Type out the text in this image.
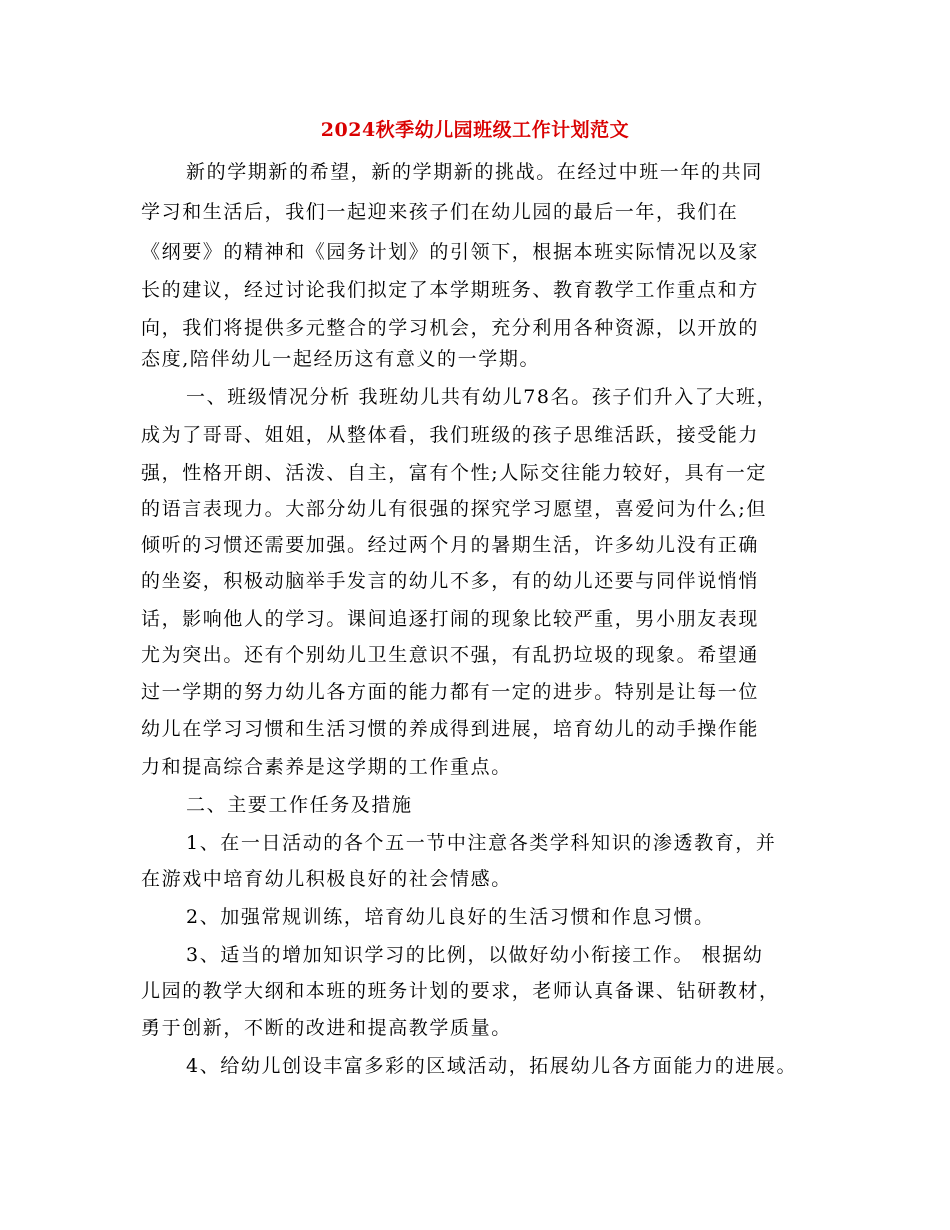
2024秋季幼儿园班级工作计划范文
新的学期新的希望，新的学期新的挑战。在经过中班一年的共同
学习和生活后，我们一起迎来孩子们在幼儿园的最后一年，我们在
《纲要》的精神和《园务计划》的引领下，根据本班实际情况以及家
长的建议，经过讨论我们拟定了本学期班务、教育教学工作重点和方
向，我们将提供多元整合的学习机会，充分利用各种资源，以开放的
态度,陪伴幼儿一起经历这有意义的一学期。
一、班级情况分析 我班幼儿共有幼儿78名。孩子们升入了大班，
成为了哥哥、姐姐，从整体看，我们班级的孩子思维活跃，接受能力
强，性格开朗、活泼、自主，富有个性;人际交往能力较好，具有一定
的语言表现力。大部分幼儿有很强的探究学习愿望，喜爱问为什么;但
倾听的习惯还需要加强。经过两个月的暑期生活，许多幼儿没有正确
的坐姿，积极动脑举手发言的幼儿不多，有的幼儿还要与同伴说悄悄
话，影响他人的学习。课间追逐打闹的现象比较严重，男小朋友表现
尤为突出。还有个别幼儿卫生意识不强，有乱扔垃圾的现象。希望通
过一学期的努力幼儿各方面的能力都有一定的进步。特别是让每一位
幼儿在学习习惯和生活习惯的养成得到进展，培育幼儿的动手操作能
力和提高综合素养是这学期的工作重点。
二、主要工作任务及措施
1、在一日活动的各个五一节中注意各类学科知识的渗透教育，并
在游戏中培育幼儿积极良好的社会情感。
2、加强常规训练，培育幼儿良好的生活习惯和作息习惯。
3、适当的增加知识学习的比例，以做好幼小衔接工作。 根据幼
儿园的教学大纲和本班的班务计划的要求，老师认真备课、钻研教材，
勇于创新，不断的改进和提高教学质量。
4、给幼儿创设丰富多彩的区域活动，拓展幼儿各方面能力的进展。
